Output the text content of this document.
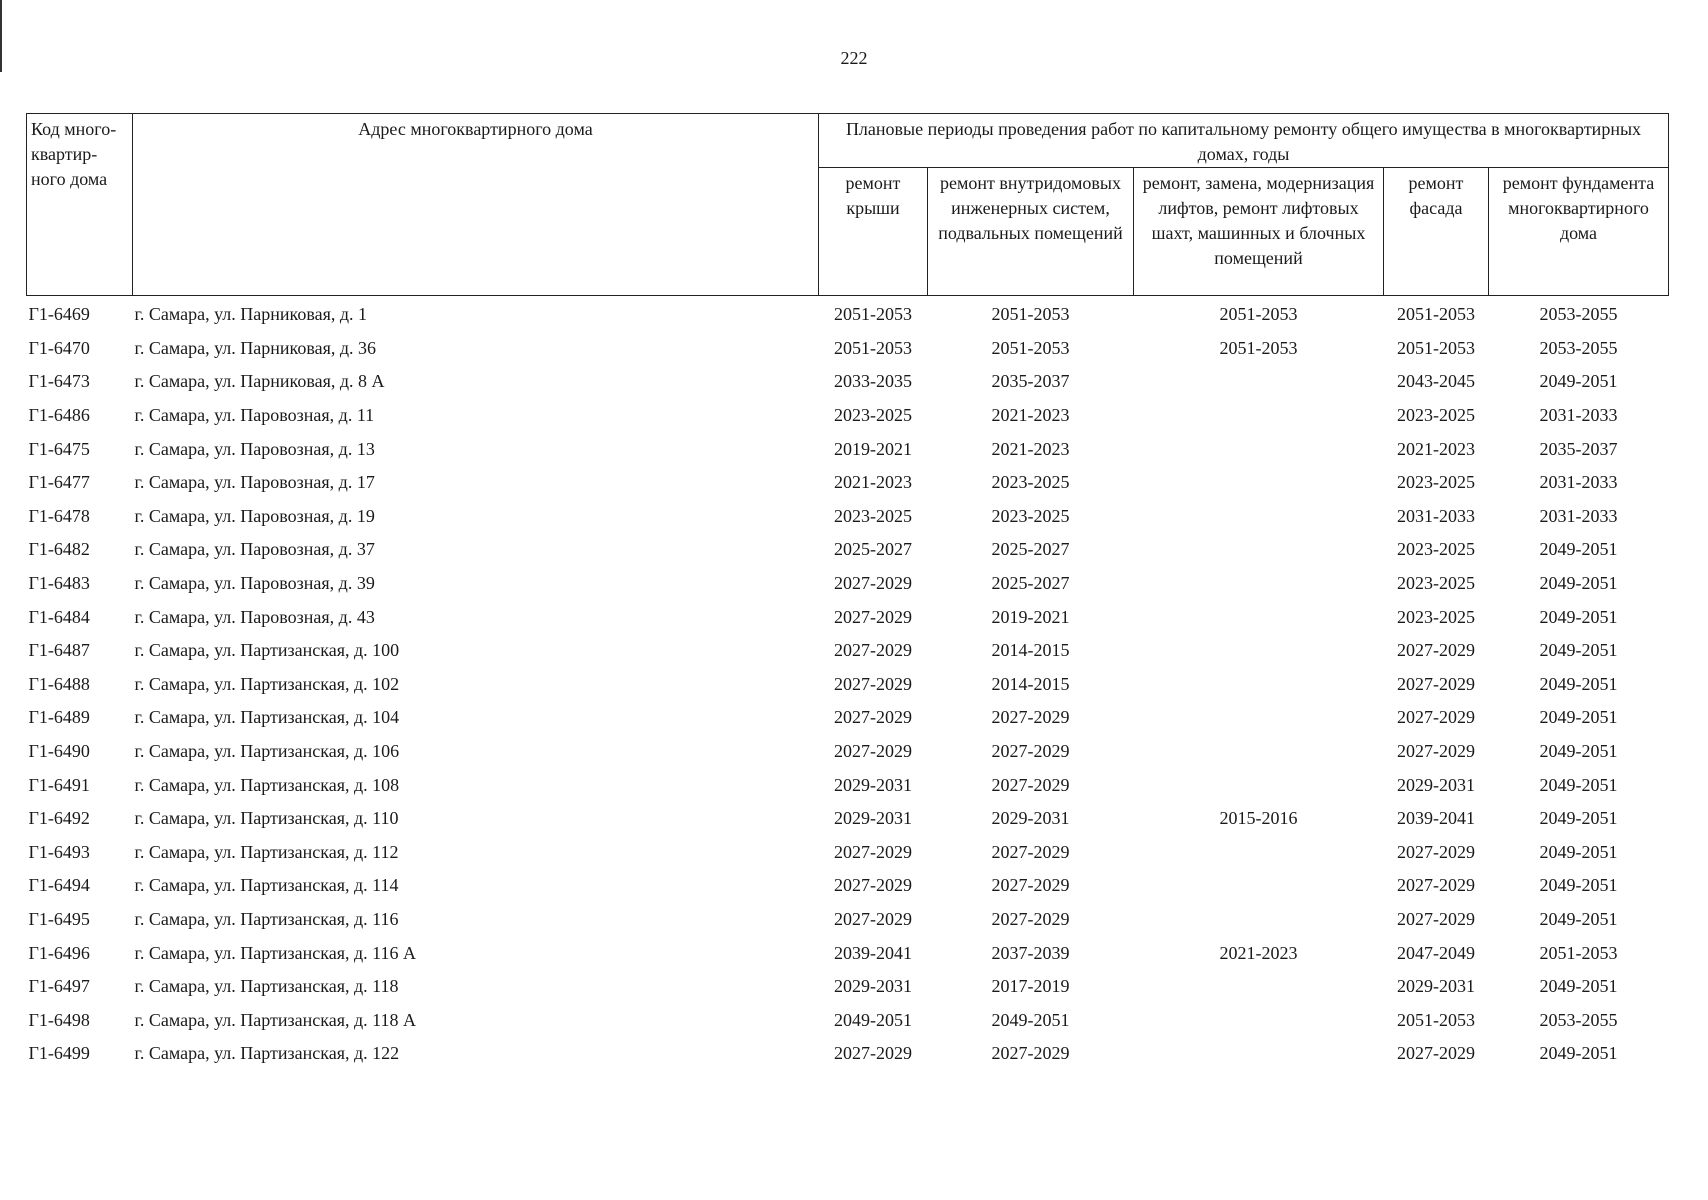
222
Код много-квартир-ного дома	Адрес многоквартирного дома	Плановые периоды проведения работ по капитальному ремонту общего имущества в многоквартирных домах, годы				
		ремонт крыши	ремонт внутридомовых инженерных систем, подвальных помещений	ремонт, замена, модернизация лифтов, ремонт лифтовых шахт, машинных и блочных помещений	ремонт фасада	ремонт фундамента многоквартирного дома
Г1-6469	г. Самара, ул. Парниковая, д. 1	2051-2053	2051-2053	2051-2053	2051-2053	2053-2055
Г1-6470	г. Самара, ул. Парниковая, д. 36	2051-2053	2051-2053	2051-2053	2051-2053	2053-2055
Г1-6473	г. Самара, ул. Парниковая, д. 8 А	2033-2035	2035-2037		2043-2045	2049-2051
Г1-6486	г. Самара, ул. Паровозная, д. 11	2023-2025	2021-2023		2023-2025	2031-2033
Г1-6475	г. Самара, ул. Паровозная, д. 13	2019-2021	2021-2023		2021-2023	2035-2037
Г1-6477	г. Самара, ул. Паровозная, д. 17	2021-2023	2023-2025		2023-2025	2031-2033
Г1-6478	г. Самара, ул. Паровозная, д. 19	2023-2025	2023-2025		2031-2033	2031-2033
Г1-6482	г. Самара, ул. Паровозная, д. 37	2025-2027	2025-2027		2023-2025	2049-2051
Г1-6483	г. Самара, ул. Паровозная, д. 39	2027-2029	2025-2027		2023-2025	2049-2051
Г1-6484	г. Самара, ул. Паровозная, д. 43	2027-2029	2019-2021		2023-2025	2049-2051
Г1-6487	г. Самара, ул. Партизанская, д. 100	2027-2029	2014-2015		2027-2029	2049-2051
Г1-6488	г. Самара, ул. Партизанская, д. 102	2027-2029	2014-2015		2027-2029	2049-2051
Г1-6489	г. Самара, ул. Партизанская, д. 104	2027-2029	2027-2029		2027-2029	2049-2051
Г1-6490	г. Самара, ул. Партизанская, д. 106	2027-2029	2027-2029		2027-2029	2049-2051
Г1-6491	г. Самара, ул. Партизанская, д. 108	2029-2031	2027-2029		2029-2031	2049-2051
Г1-6492	г. Самара, ул. Партизанская, д. 110	2029-2031	2029-2031	2015-2016	2039-2041	2049-2051
Г1-6493	г. Самара, ул. Партизанская, д. 112	2027-2029	2027-2029		2027-2029	2049-2051
Г1-6494	г. Самара, ул. Партизанская, д. 114	2027-2029	2027-2029		2027-2029	2049-2051
Г1-6495	г. Самара, ул. Партизанская, д. 116	2027-2029	2027-2029		2027-2029	2049-2051
Г1-6496	г. Самара, ул. Партизанская, д. 116 А	2039-2041	2037-2039	2021-2023	2047-2049	2051-2053
Г1-6497	г. Самара, ул. Партизанская, д. 118	2029-2031	2017-2019		2029-2031	2049-2051
Г1-6498	г. Самара, ул. Партизанская, д. 118 А	2049-2051	2049-2051		2051-2053	2053-2055
Г1-6499	г. Самара, ул. Партизанская, д. 122	2027-2029	2027-2029		2027-2029	2049-2051
